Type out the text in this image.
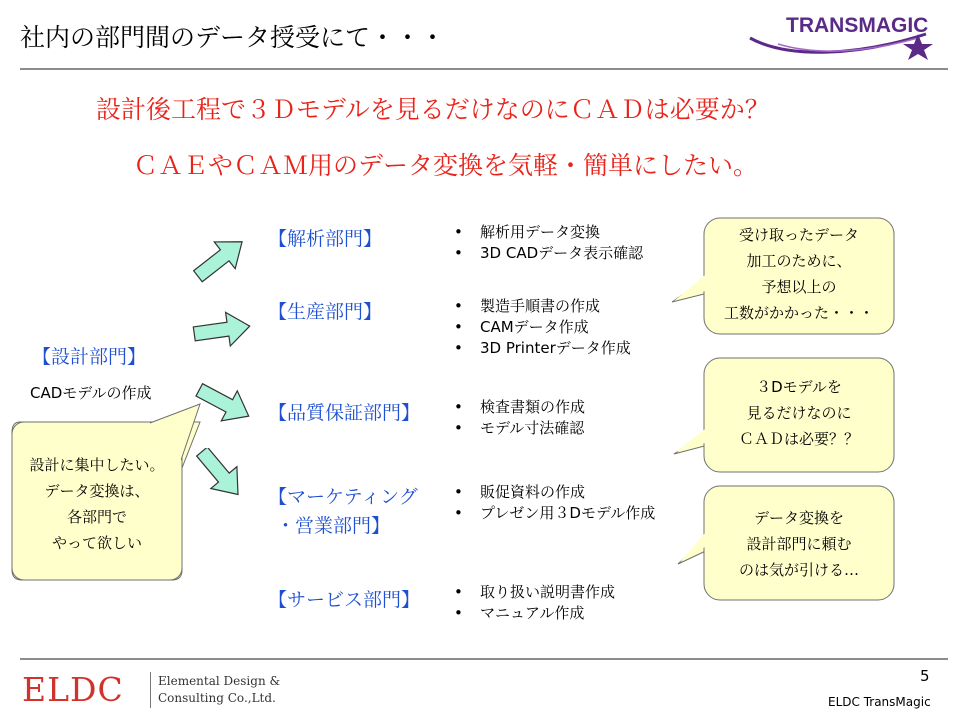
社内の部門間のデータ授受にて・・・	TRANSMAGIC
設計後工程で３Ｄモデルを見るだけなのにＣＡＤは必要か？
ＣＡＥやＣＡＭ用のデータ変換を気軽・簡単にしたい。
【設計部門】
CADモデルの作成
設計に集中したい。
データ変換は、
各部門で
やって欲しい
【解析部門】	• 解析用データ変換
• 3D CADデータ表示確認
【生産部門】	• 製造手順書の作成
• CAMデータ作成
• 3D Printerデータ作成
【品質保証部門】	• 検査書類の作成
• モデル寸法確認
【マーケティング
・営業部門】
• 販促資料の作成
• プレゼン用３Dモデル作成
【サービス部門】	• 取り扱い説明書作成
• マニュアル作成
受け取ったデータ
加工のために、
予想以上の
工数がかかった・・・
３Dモデルを
見るだけなのに
ＣＡＤは必要？？
データ変換を
設計部門に頼む
のは気が引ける…
ELDC	Elemental Design &
Consulting Co.,Ltd.
5
ELDC TransMagic
